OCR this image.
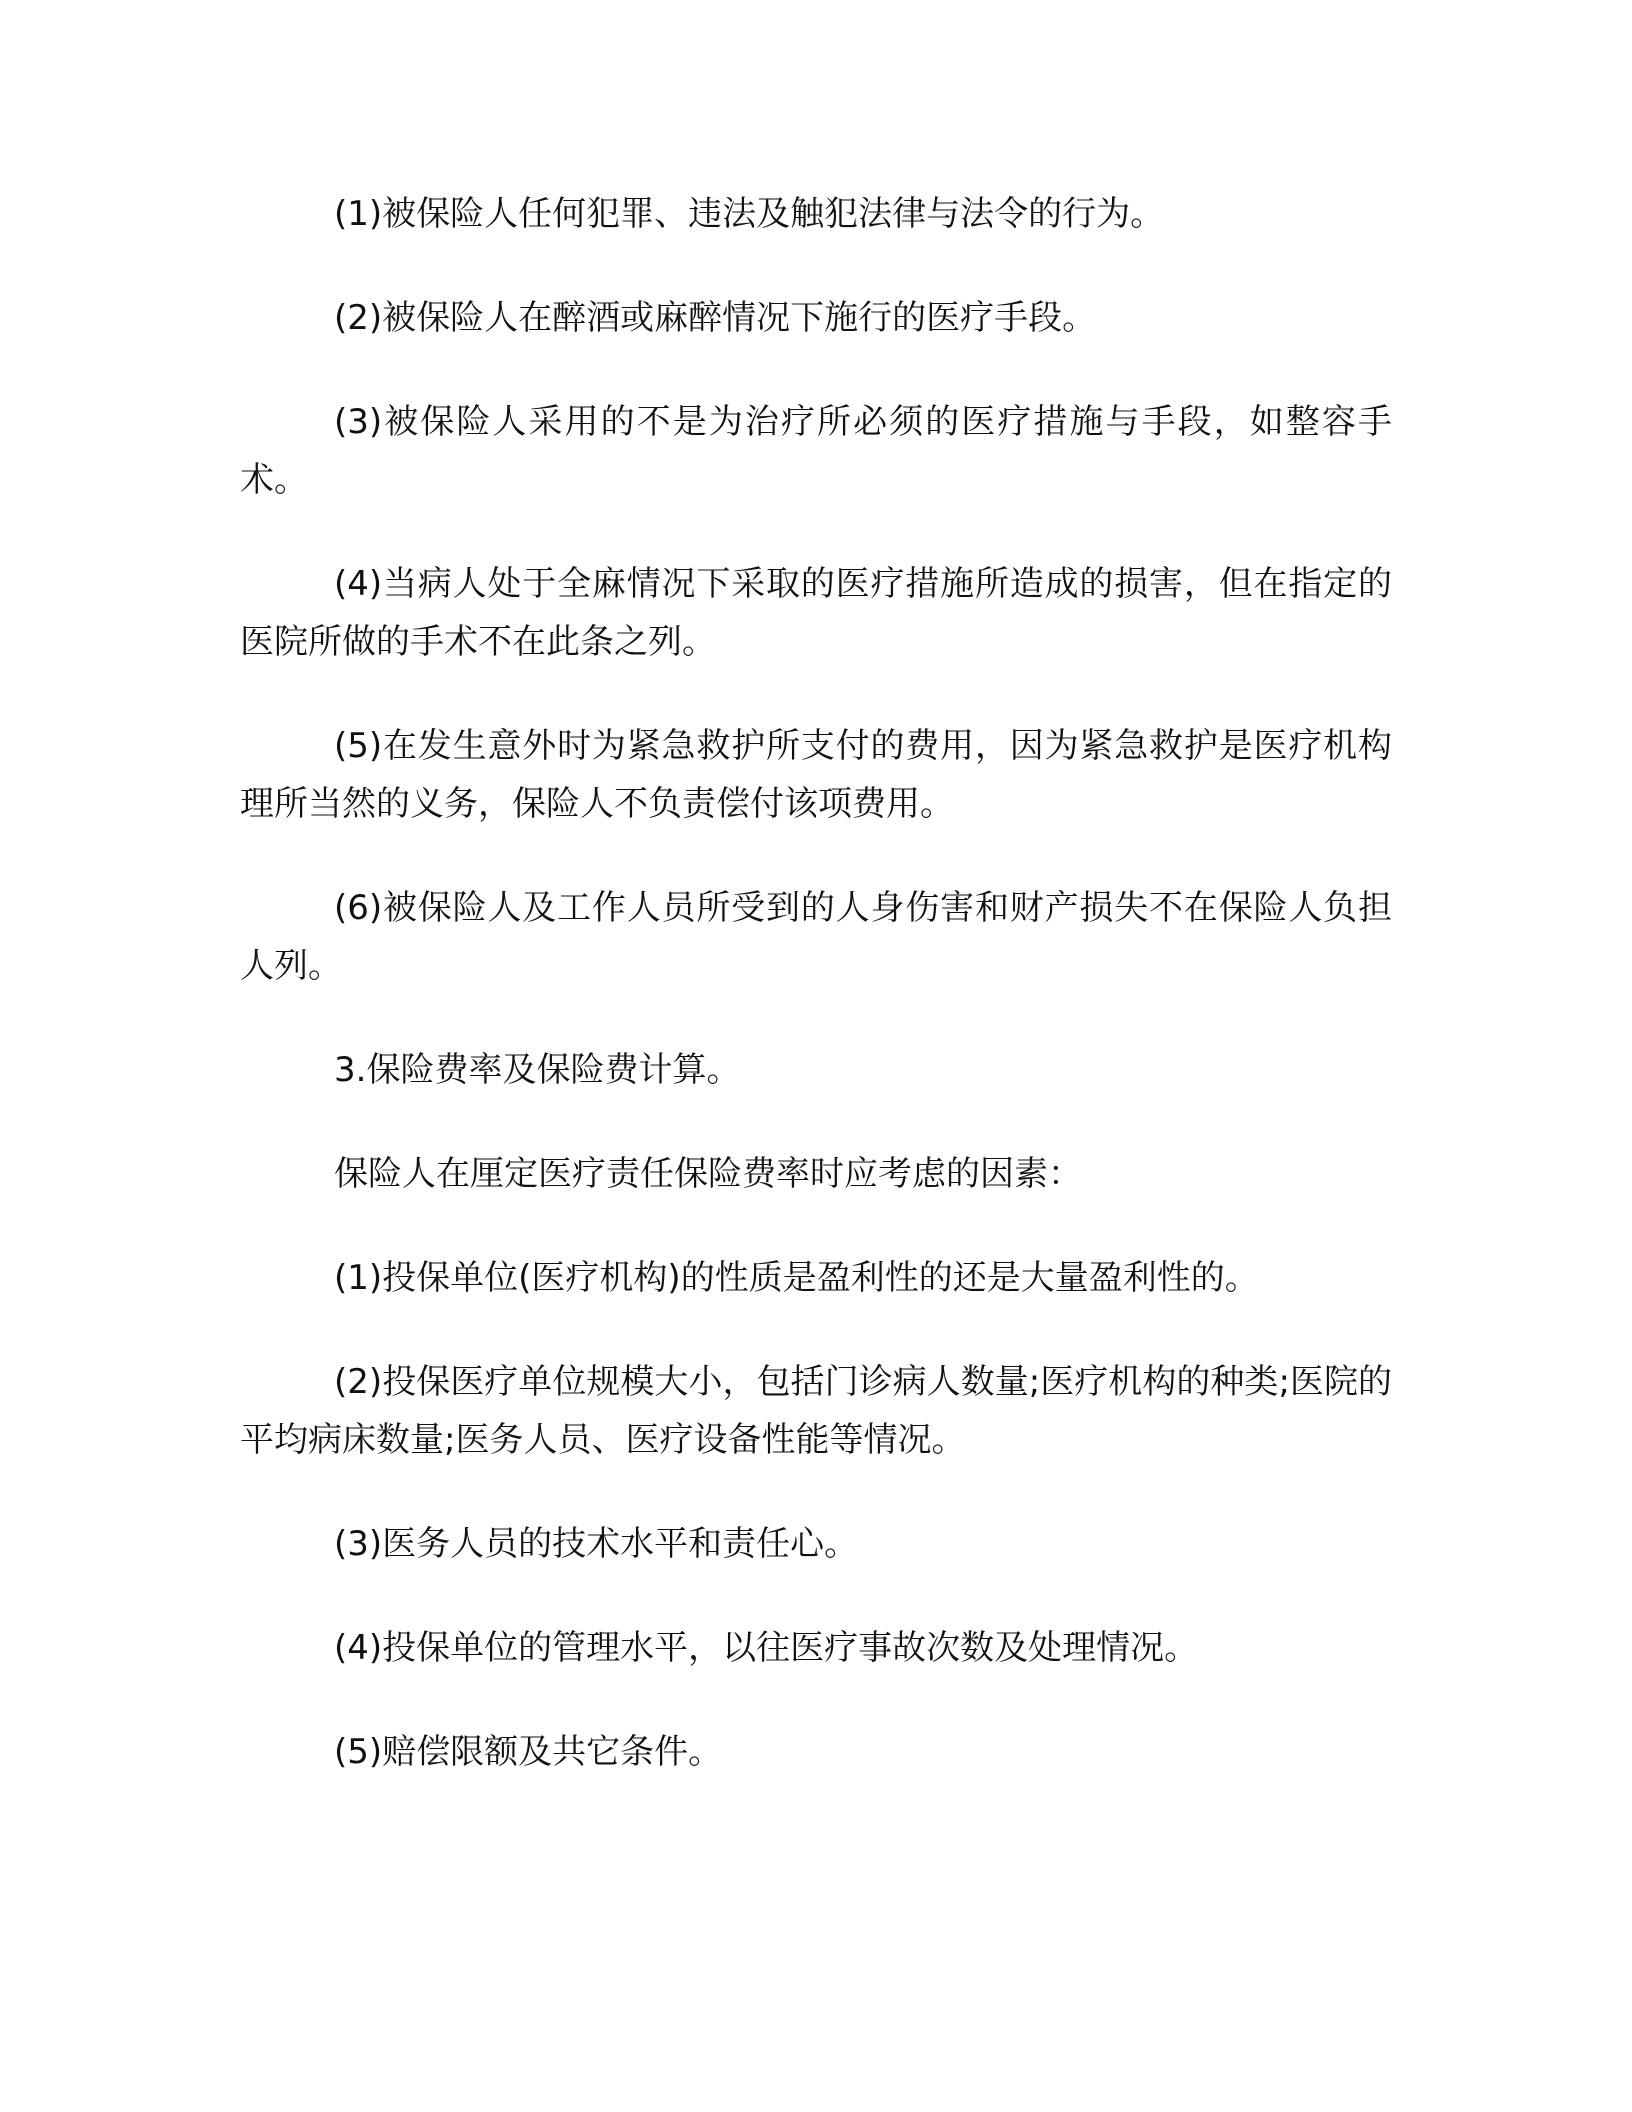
(1)被保险人任何犯罪、违法及触犯法律与法令的行为。

(2)被保险人在醉酒或麻醉情况下施行的医疗手段。

(3)被保险人采用的不是为治疗所必须的医疗措施与手段，如整容手术。

(4)当病人处于全麻情况下采取的医疗措施所造成的损害，但在指定的医院所做的手术不在此条之列。

(5)在发生意外时为紧急救护所支付的费用，因为紧急救护是医疗机构理所当然的义务，保险人不负责偿付该项费用。

(6)被保险人及工作人员所受到的人身伤害和财产损失不在保险人负担人列。

3.保险费率及保险费计算。

保险人在厘定医疗责任保险费率时应考虑的因素：

(1)投保单位(医疗机构)的性质是盈利性的还是大量盈利性的。

(2)投保医疗单位规模大小，包括门诊病人数量;医疗机构的种类;医院的平均病床数量;医务人员、医疗设备性能等情况。

(3)医务人员的技术水平和责任心。

(4)投保单位的管理水平，以往医疗事故次数及处理情况。

(5)赔偿限额及共它条件。
